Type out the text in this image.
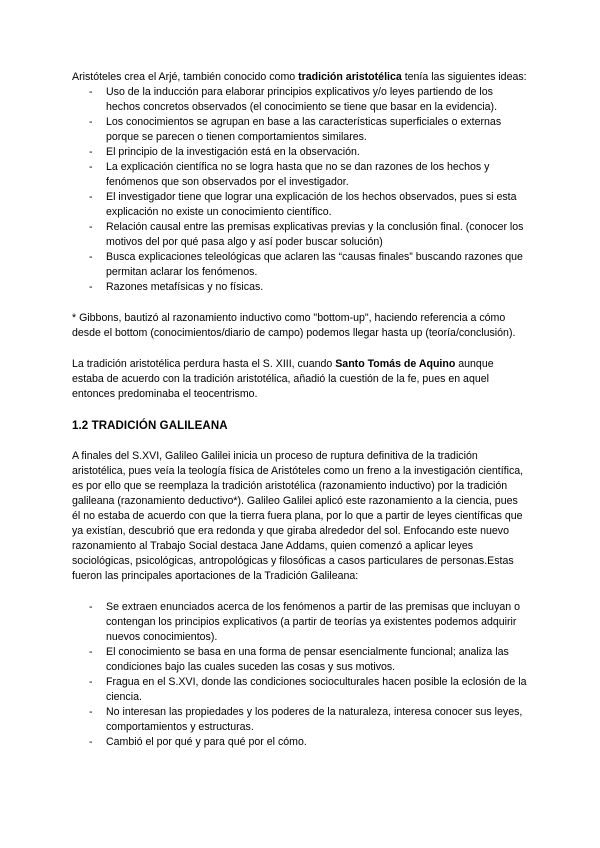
Aristóteles crea el Arjé, también conocido como tradición aristotélica tenía las siguientes ideas:

- Uso de la inducción para elaborar principios explicativos y/o leyes partiendo de los hechos concretos observados (el conocimiento se tiene que basar en la evidencia).
- Los conocimientos se agrupan en base a las características superficiales o externas porque se parecen o tienen comportamientos similares.
- El principio de la investigación está en la observación.
- La explicación científica no se logra hasta que no se dan razones de los hechos y fenómenos que son observados por el investigador.
- El investigador tiene que lograr una explicación de los hechos observados, pues si esta explicación no existe un conocimiento científico.
- Relación causal entre las premisas explicativas previas y la conclusión final. (conocer los motivos del por qué pasa algo y así poder buscar solución)
- Busca explicaciones teleológicas que aclaren las “causas finales” buscando razones que permitan aclarar los fenómenos.
- Razones metafísicas y no físicas.

* Gibbons, bautizó al razonamiento inductivo como "bottom-up", haciendo referencia a cómo desde el bottom (conocimientos/diario de campo) podemos llegar hasta up (teoría/conclusión).

La tradición aristotélica perdura hasta el S. XIII, cuando Santo Tomás de Aquino aunque estaba de acuerdo con la tradición aristotélica, añadió la cuestión de la fe, pues en aquel entonces predominaba el teocentrismo.

1.2 TRADICIÓN GALILEANA

A finales del S.XVI, Galileo Galilei inicia un proceso de ruptura definitiva de la tradición aristotélica, pues veía la teología física de Aristóteles como un freno a la investigación científica, es por ello que se reemplaza la tradición aristotélica (razonamiento inductivo) por la tradición galileana (razonamiento deductivo*). Galileo Galilei aplicó este razonamiento a la ciencia, pues él no estaba de acuerdo con que la tierra fuera plana, por lo que a partir de leyes científicas que ya existían, descubrió que era redonda y que giraba alrededor del sol. Enfocando este nuevo razonamiento al Trabajo Social destaca Jane Addams, quien comenzó a aplicar leyes sociológicas, psicológicas, antropológicas y filosóficas a casos particulares de personas.Estas fueron las principales aportaciones de la Tradición Galileana:

- Se extraen enunciados acerca de los fenómenos a partir de las premisas que incluyan o contengan los principios explicativos (a partir de teorías ya existentes podemos adquirir nuevos conocimientos).
- El conocimiento se basa en una forma de pensar esencialmente funcional; analiza las condiciones bajo las cuales suceden las cosas y sus motivos.
- Fragua en el S.XVI, donde las condiciones socioculturales hacen posible la eclosión de la ciencia.
- No interesan las propiedades y los poderes de la naturaleza, interesa conocer sus leyes, comportamientos y estructuras.
- Cambió el por qué y para qué por el cómo.
